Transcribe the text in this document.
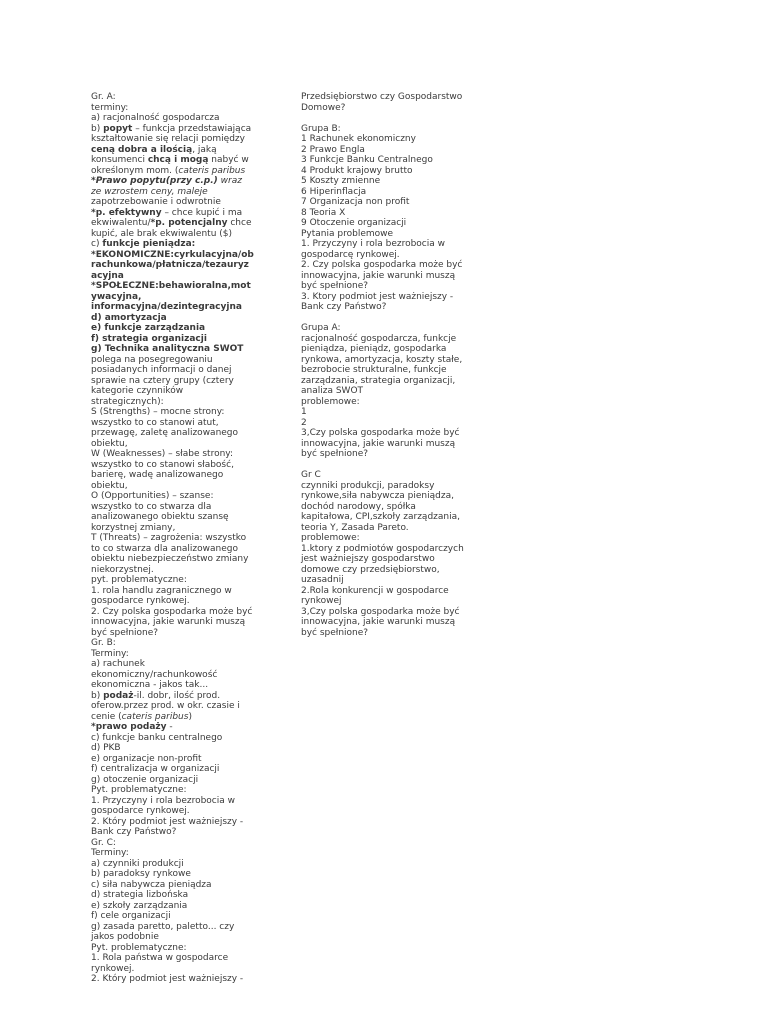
Gr. A:
terminy:
a) racjonalność gospodarcza
b) popyt – funkcja przedstawiająca
kształtowanie się relacji pomiędzy
ceną dobra a ilością, jaką
konsumenci chcą i mogą nabyć w
określonym mom. (cateris paribus
*Prawo popytu(przy c.p.) wraz
ze wzrostem ceny, maleje
zapotrzebowanie i odwrotnie
*p. efektywny – chce kupić i ma
ekwiwalentu/*p. potencjalny chce
kupić, ale brak ekwiwalentu ($)
c) funkcje pieniądza:
*EKONOMICZNE:cyrkulacyjna/ob
rachunkowa/płatnicza/tezauryz
acyjna
*SPOŁECZNE:behawioralna,mot
ywacyjna,
informacyjna/dezintegracyjna
d) amortyzacja
e) funkcje zarządzania
f) strategia organizacji
g) Technika analityczna SWOT
polega na posegregowaniu
posiadanych informacji o danej
sprawie na cztery grupy (cztery
kategorie czynników
strategicznych):
S (Strengths) – mocne strony:
wszystko to co stanowi atut,
przewagę, zaletę analizowanego
obiektu,
W (Weaknesses) – słabe strony:
wszystko to co stanowi słabość,
barierę, wadę analizowanego
obiektu,
O (Opportunities) – szanse:
wszystko to co stwarza dla
analizowanego obiektu szansę
korzystnej zmiany,
T (Threats) – zagrożenia: wszystko
to co stwarza dla analizowanego
obiektu niebezpieczeństwo zmiany
niekorzystnej.
pyt. problematyczne:
1. rola handlu zagranicznego w
gospodarce rynkowej.
2. Czy polska gospodarka może być
innowacyjna, jakie warunki muszą
być spełnione?
Gr. B:
Terminy:
a) rachunek
ekonomiczny/rachunkowość
ekonomiczna - jakos tak...
b) podaż-il. dobr, ilość prod.
oferow.przez prod. w okr. czasie i
cenie (cateris paribus)
*prawo podaży -
c) funkcje banku centralnego
d) PKB
e) organizacje non-profit
f) centralizacja w organizacji
g) otoczenie organizacji
Pyt. problematyczne:
1. Przyczyny i rola bezrobocia w
gospodarce rynkowej.
2. Który podmiot jest ważniejszy -
Bank czy Państwo?
Gr. C:
Terminy:
a) czynniki produkcji
b) paradoksy rynkowe
c) siła nabywcza pieniądza
d) strategia lizbońska
e) szkoły zarządzania
f) cele organizacji
g) zasada paretto, paletto... czy
jakos podobnie
Pyt. problematyczne:
1. Rola państwa w gospodarce
rynkowej.
2. Który podmiot jest ważniejszy -
Przedsiębiorstwo czy Gospodarstwo
Domowe?
Grupa B:
1 Rachunek ekonomiczny
2 Prawo Engla
3 Funkcje Banku Centralnego
4 Produkt krajowy brutto
5 Koszty zmienne
6 Hiperinflacja
7 Organizacja non profit
8 Teoria X
9 Otoczenie organizacji
Pytania problemowe
1. Przyczyny i rola bezrobocia w
gospodarcę rynkowej.
2. Czy polska gospodarka może być
innowacyjna, jakie warunki muszą
być spełnione?
3. Ktory podmiot jest ważniejszy -
Bank czy Państwo?
Grupa A:
racjonalność gospodarcza, funkcje
pieniądza, pieniądz, gospodarka
rynkowa, amortyzacja, koszty stałe,
bezrobocie strukturalne, funkcje
zarządzania, strategia organizacji,
analiza SWOT
problemowe:
1
2
3,Czy polska gospodarka może być
innowacyjna, jakie warunki muszą
być spełnione?
Gr C
czynniki produkcji, paradoksy
rynkowe,siła nabywcza pieniądza,
dochód narodowy, spółka
kapitałowa, CPI,szkoły zarządzania,
teoria Y, Zasada Pareto.
problemowe:
1.ktory z podmiotów gospodarczych
jest ważniejszy gospodarstwo
domowe czy przedsiębiorstwo,
uzasadnij
2.Rola konkurencji w gospodarce
rynkowej
3,Czy polska gospodarka może być
innowacyjna, jakie warunki muszą
być spełnione?
